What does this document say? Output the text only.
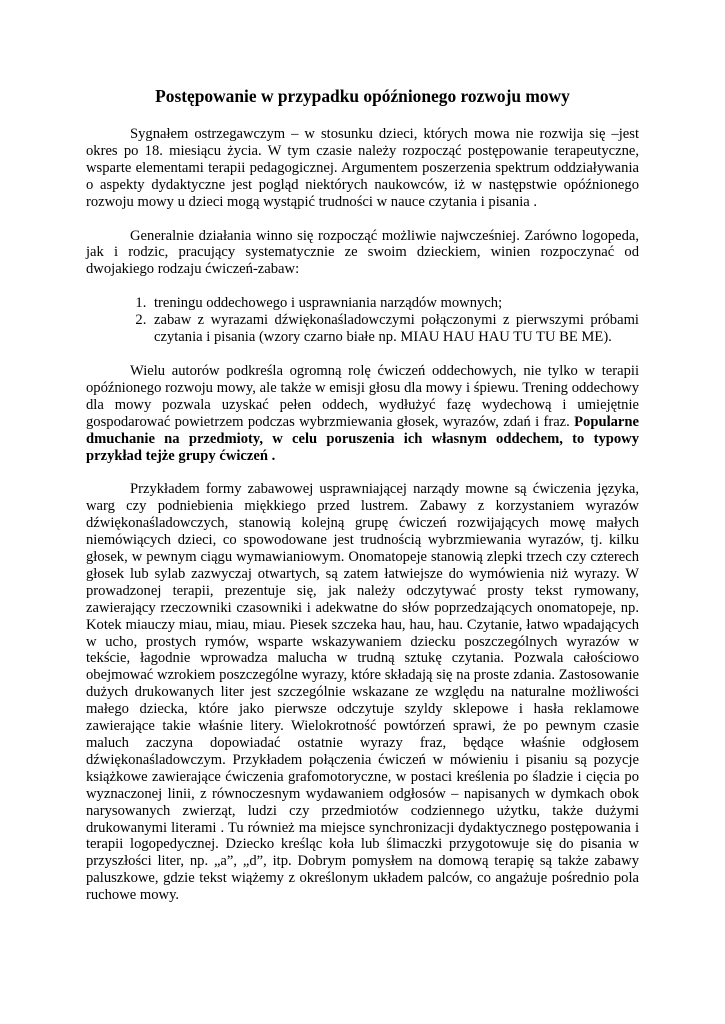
Postępowanie w przypadku opóźnionego rozwoju mowy

Sygnałem ostrzegawczym – w stosunku dzieci, których mowa nie rozwija się –jest okres po 18. miesiącu życia. W tym czasie należy rozpocząć postępowanie terapeutyczne, wsparte elementami terapii pedagogicznej. Argumentem poszerzenia spektrum oddziaływania o aspekty dydaktyczne jest pogląd niektórych naukowców, iż w następstwie opóźnionego rozwoju mowy u dzieci mogą wystąpić trudności w nauce czytania i pisania .

Generalnie działania winno się rozpocząć możliwie najwcześniej. Zarówno logopeda, jak i rodzic, pracujący systematycznie ze swoim dzieckiem, winien rozpoczynać od dwojakiego rodzaju ćwiczeń-zabaw:

1. treningu oddechowego i usprawniania narządów mownych;
2. zabaw z wyrazami dźwiękonaśladowczymi połączonymi z pierwszymi próbami czytania i pisania (wzory czarno białe np. MIAU HAU HAU TU TU BE ME).

Wielu autorów podkreśla ogromną rolę ćwiczeń oddechowych, nie tylko w terapii opóźnionego rozwoju mowy, ale także w emisji głosu dla mowy i śpiewu. Trening oddechowy dla mowy pozwala uzyskać pełen oddech, wydłużyć fazę wydechową i umiejętnie gospodarować powietrzem podczas wybrzmiewania głosek, wyrazów, zdań i fraz. Popularne dmuchanie na przedmioty, w celu poruszenia ich własnym oddechem, to typowy przykład tejże grupy ćwiczeń .

Przykładem formy zabawowej usprawniającej narządy mowne są ćwiczenia języka, warg czy podniebienia miękkiego przed lustrem. Zabawy z korzystaniem wyrazów dźwiękonaśladowczych, stanowią kolejną grupę ćwiczeń rozwijających mowę małych niemówiących dzieci, co spowodowane jest trudnością wybrzmiewania wyrazów, tj. kilku głosek, w pewnym ciągu wymawianiowym. Onomatopeje stanowią zlepki trzech czy czterech głosek lub sylab zazwyczaj otwartych, są zatem łatwiejsze do wymówienia niż wyrazy. W prowadzonej terapii, prezentuje się, jak należy odczytywać prosty tekst rymowany, zawierający rzeczowniki czasowniki i adekwatne do słów poprzedzających onomatopeje, np. Kotek miauczy miau, miau, miau. Piesek szczeka hau, hau, hau. Czytanie, łatwo wpadających w ucho, prostych rymów, wsparte wskazywaniem dziecku poszczególnych wyrazów w tekście, łagodnie wprowadza malucha w trudną sztukę czytania. Pozwala całościowo obejmować wzrokiem poszczególne wyrazy, które składają się na proste zdania. Zastosowanie dużych drukowanych liter jest szczególnie wskazane ze względu na naturalne możliwości małego dziecka, które jako pierwsze odczytuje szyldy sklepowe i hasła reklamowe zawierające takie właśnie litery. Wielokrotność powtórzeń sprawi, że po pewnym czasie maluch zaczyna dopowiadać ostatnie wyrazy fraz, będące właśnie odgłosem dźwiękonaśladowczym. Przykładem połączenia ćwiczeń w mówieniu i pisaniu są pozycje książkowe zawierające ćwiczenia grafomotoryczne, w postaci kreślenia po śladzie i cięcia po wyznaczonej linii, z równoczesnym wydawaniem odgłosów – napisanych w dymkach obok narysowanych zwierząt, ludzi czy przedmiotów codziennego użytku, także dużymi drukowanymi literami . Tu również ma miejsce synchronizacji dydaktycznego postępowania i terapii logopedycznej. Dziecko kreśląc koła lub ślimaczki przygotowuje się do pisania w przyszłości liter, np. „a”, „d”, itp. Dobrym pomysłem na domową terapię są także zabawy paluszkowe, gdzie tekst wiążemy z określonym układem palców, co angażuje pośrednio pola ruchowe mowy.
